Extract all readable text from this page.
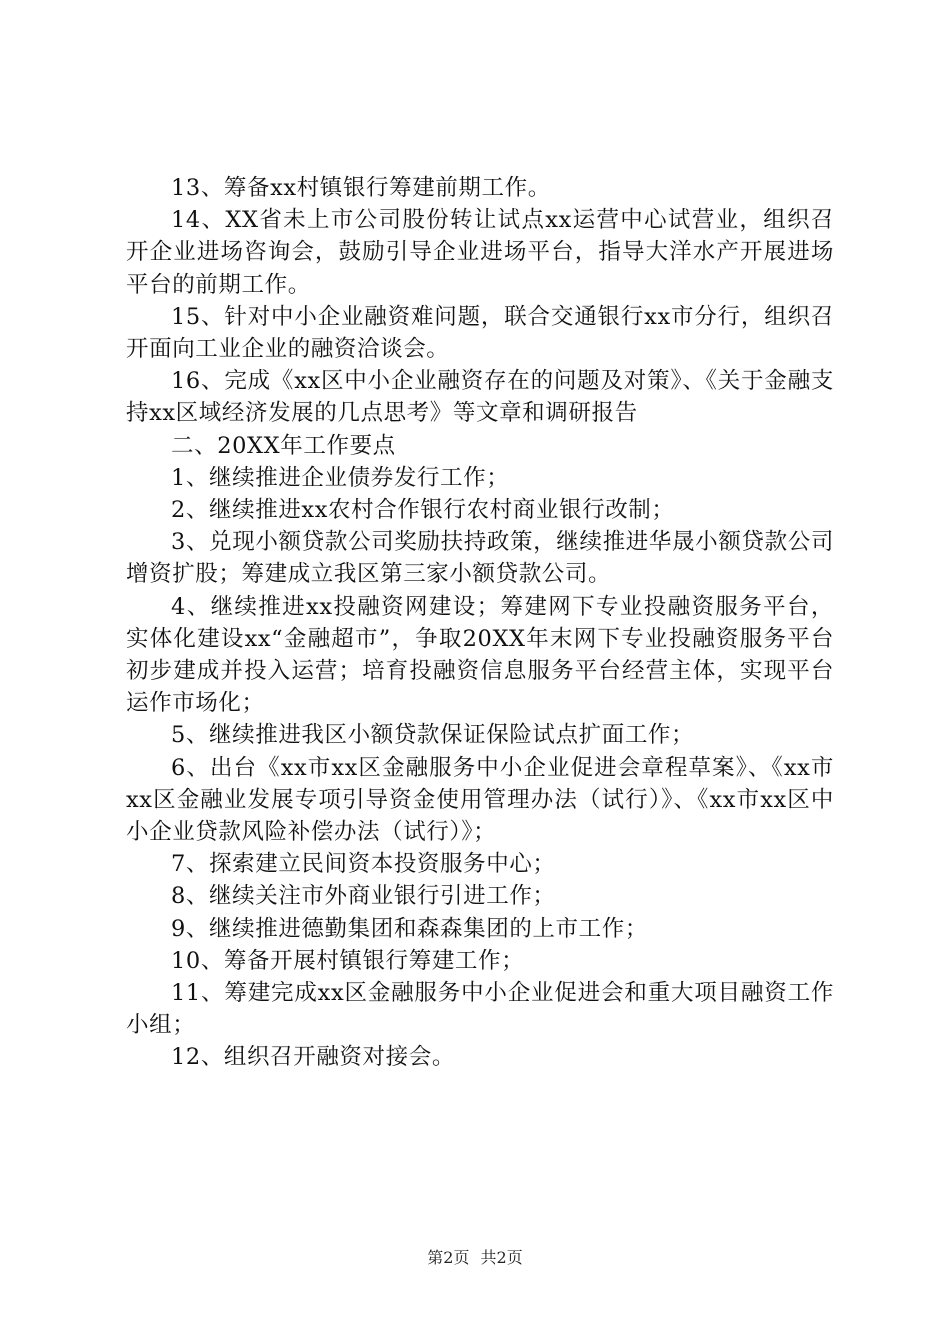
13、筹备xx村镇银行筹建前期工作。

14、XX省未上市公司股份转让试点xx运营中心试营业，组织召开企业进场咨询会，鼓励引导企业进场平台，指导大洋水产开展进场平台的前期工作。

15、针对中小企业融资难问题，联合交通银行xx市分行，组织召开面向工业企业的融资洽谈会。

16、完成《xx区中小企业融资存在的问题及对策》、《关于金融支持xx区域经济发展的几点思考》等文章和调研报告

二、20XX年工作要点

1、继续推进企业债券发行工作；

2、继续推进xx农村合作银行农村商业银行改制；

3、兑现小额贷款公司奖励扶持政策，继续推进华晟小额贷款公司增资扩股；筹建成立我区第三家小额贷款公司。

4、继续推进xx投融资网建设；筹建网下专业投融资服务平台，实体化建设xx“金融超市”，争取20XX年末网下专业投融资服务平台初步建成并投入运营；培育投融资信息服务平台经营主体，实现平台运作市场化；

5、继续推进我区小额贷款保证保险试点扩面工作；

6、出台《xx市xx区金融服务中小企业促进会章程草案》、《xx市xx区金融业发展专项引导资金使用管理办法（试行）》、《xx市xx区中小企业贷款风险补偿办法（试行）》；

7、探索建立民间资本投资服务中心；

8、继续关注市外商业银行引进工作；

9、继续推进德勤集团和森森集团的上市工作；

10、筹备开展村镇银行筹建工作；

11、筹建完成xx区金融服务中小企业促进会和重大项目融资工作小组；

12、组织召开融资对接会。

第2页 共2页
